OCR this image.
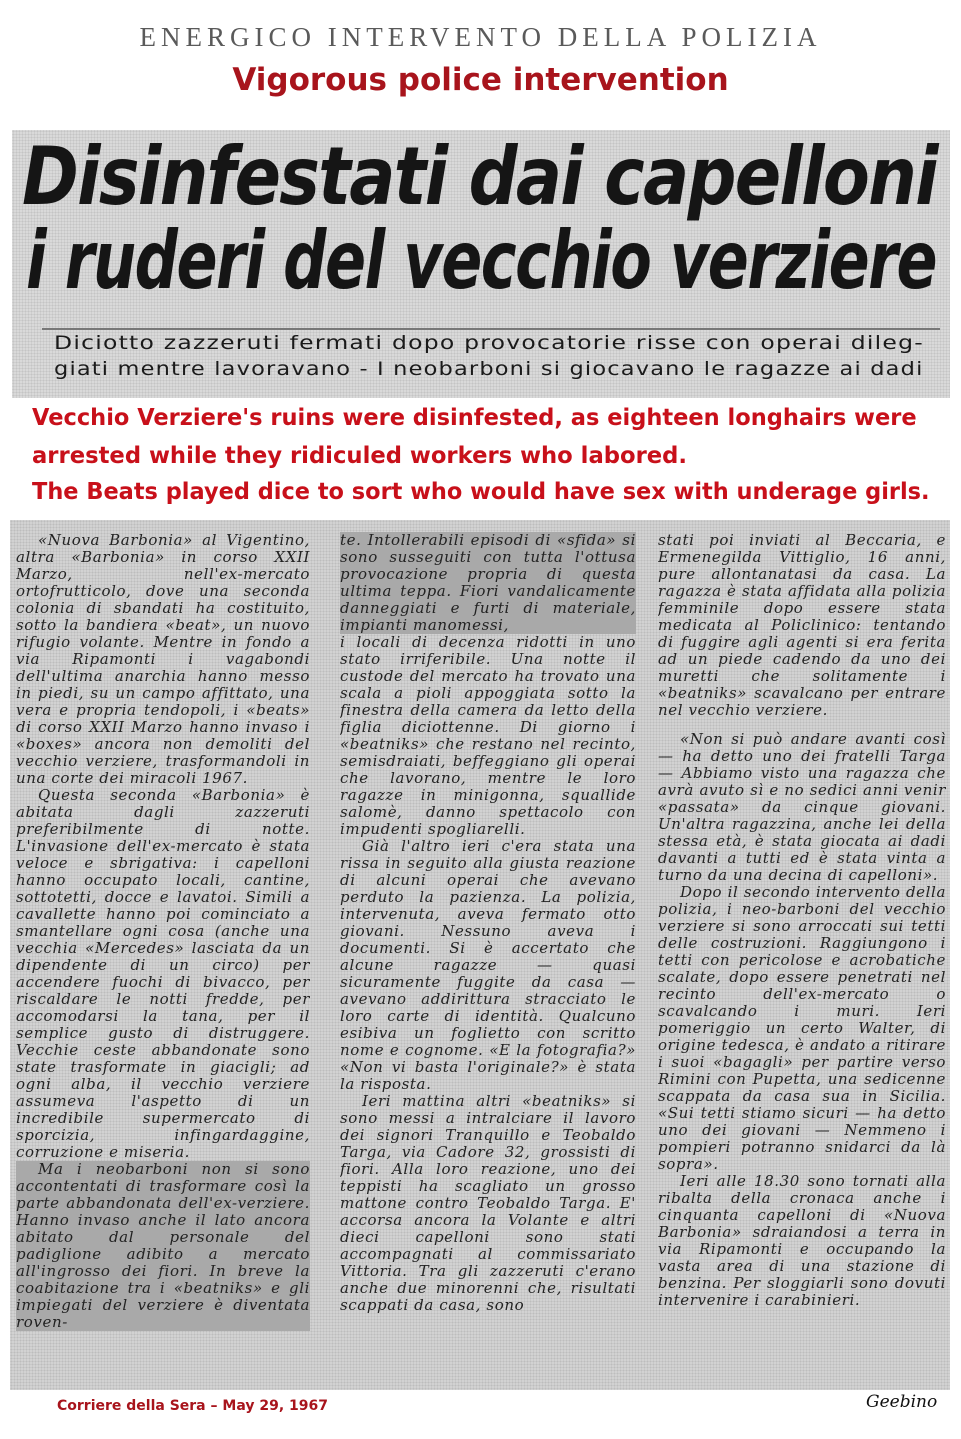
ENERGICO INTERVENTO DELLA POLIZIA
Vigorous police intervention
Disinfestati dai capelloni
i ruderi del vecchio verziere
Diciotto zazzeruti fermati dopo provocatorie risse con operai dileg-
giati mentre lavoravano - I neobarboni si giocavano le ragazze ai dadi
Vecchio Verziere's ruins were disinfested, as eighteen longhairs were
arrested while they ridiculed workers who labored.
The Beats played dice to sort who would have sex with underage girls.

«Nuova Barbonia» al Vigentino, altra «Barbonia» in corso XXII Marzo, nell'ex-mercato ortofrutticolo, dove una seconda colonia di sbandati ha costituito, sotto la bandiera «beat», un nuovo rifugio volante. Mentre in fondo a via Ripamonti i vagabondi dell'ultima anarchia hanno messo in piedi, su un campo affittato, una vera e propria tendopoli, i «beats» di corso XXII Marzo hanno invaso i «boxes» ancora non demoliti del vecchio verziere, trasformandoli in una corte dei miracoli 1967.

Questa seconda «Barbonia» è abitata dagli zazzeruti preferibilmente di notte. L'invasione dell'ex-mercato è stata veloce e sbrigativa: i capelloni hanno occupato locali, cantine, sottotetti, docce e lavatoi. Simili a cavallette hanno poi cominciato a smantellare ogni cosa (anche una vecchia «Mercedes» lasciata da un dipendente di un circo) per accendere fuochi di bivacco, per riscaldare le notti fredde, per accomodarsi la tana, per il semplice gusto di distruggere. Vecchie ceste abbandonate sono state trasformate in giacigli; ad ogni alba, il vecchio verziere assumeva l'aspetto di un incredibile supermercato di sporcizia, infingardaggine, corruzione e miseria.

Ma i neobarboni non si sono accontentati di trasformare così la parte abbandonata dell'ex-verziere. Hanno invaso anche il lato ancora abitato dal personale del padiglione adibito a mercato all'ingrosso dei fiori. In breve la coabitazione tra i «beatniks» e gli impiegati del verziere è diventata roven-

te. Intollerabili episodi di «sfida» si sono susseguiti con tutta l'ottusa provocazione propria di questa ultima teppa. Fiori vandalicamente danneggiati e furti di materiale, impianti manomessi,

i locali di decenza ridotti in uno stato irriferibile. Una notte il custode del mercato ha trovato una scala a pioli appoggiata sotto la finestra della camera da letto della figlia diciottenne. Di giorno i «beatniks» che restano nel recinto, semisdraiati, beffeggiano gli operai che lavorano, mentre le loro ragazze in minigonna, squallide salomè, danno spettacolo con impudenti spogliarelli.

Già l'altro ieri c'era stata una rissa in seguito alla giusta reazione di alcuni operai che avevano perduto la pazienza. La polizia, intervenuta, aveva fermato otto giovani. Nessuno aveva i documenti. Si è accertato che alcune ragazze — quasi sicuramente fuggite da casa — avevano addirittura stracciato le loro carte di identità. Qualcuno esibiva un foglietto con scritto nome e cognome. «E la fotografia?» «Non vi basta l'originale?» è stata la risposta.

Ieri mattina altri «beatniks» si sono messi a intralciare il lavoro dei signori Tranquillo e Teobaldo Targa, via Cadore 32, grossisti di fiori. Alla loro reazione, uno dei teppisti ha scagliato un grosso mattone contro Teobaldo Targa. E' accorsa ancora la Volante e altri dieci capelloni sono stati accompagnati al commissariato Vittoria. Tra gli zazzeruti c'erano anche due minorenni che, risultati scappati da casa, sono

stati poi inviati al Beccaria, e Ermenegilda Vittiglio, 16 anni, pure allontanatasi da casa. La ragazza è stata affidata alla polizia femminile dopo essere stata medicata al Policlinico: tentando di fuggire agli agenti si era ferita ad un piede cadendo da uno dei muretti che solitamente i «beatniks» scavalcano per entrare nel vecchio verziere.

«Non si può andare avanti così — ha detto uno dei fratelli Targa — Abbiamo visto una ragazza che avrà avuto sì e no sedici anni venir «passata» da cinque giovani. Un'altra ragazzina, anche lei della stessa età, è stata giocata ai dadi davanti a tutti ed è stata vinta a turno da una decina di capelloni».

Dopo il secondo intervento della polizia, i neo-barboni del vecchio verziere si sono arroccati sui tetti delle costruzioni. Raggiungono i tetti con pericolose e acrobatiche scalate, dopo essere penetrati nel recinto dell'ex-mercato o scavalcando i muri. Ieri pomeriggio un certo Walter, di origine tedesca, è andato a ritirare i suoi «bagagli» per partire verso Rimini con Pupetta, una sedicenne scappata da casa sua in Sicilia. «Sui tetti stiamo sicuri — ha detto uno dei giovani — Nemmeno i pompieri potranno snidarci da là sopra».

Ieri alle 18.30 sono tornati alla ribalta della cronaca anche i cinquanta capelloni di «Nuova Barbonia» sdraiandosi a terra in via Ripamonti e occupando la vasta area di una stazione di benzina. Per sloggiarli sono dovuti intervenire i carabinieri.

Corriere della Sera – May 29, 1967	Geebino
